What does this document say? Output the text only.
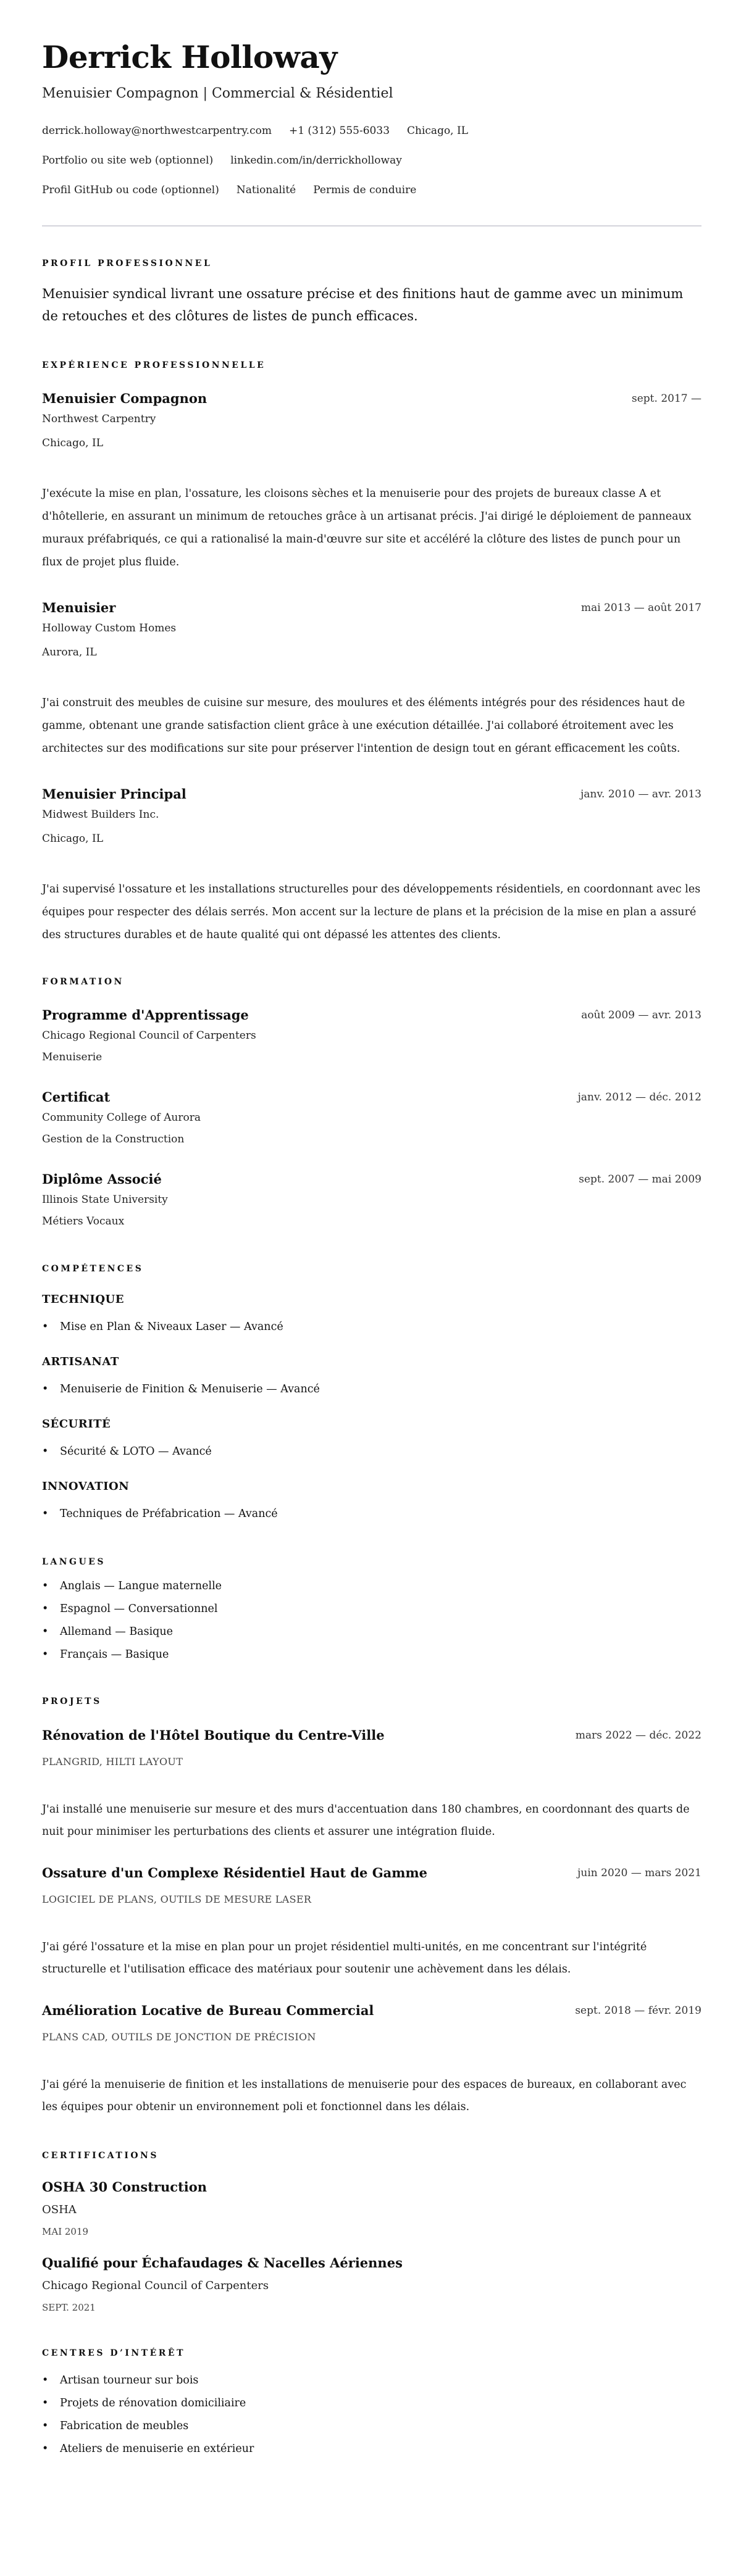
Derrick Holloway
Menuisier Compagnon | Commercial & Résidentiel
derrick.holloway@northwestcarpentry.com +1 (312) 555-6033 Chicago, IL
Portfolio ou site web (optionnel) linkedin.com/in/derrickholloway
Profil GitHub ou code (optionnel) Nationalité Permis de conduire
PROFIL PROFESSIONNEL

Menuisier syndical livrant une ossature précise et des finitions haut de gamme avec un minimum de retouches et des clôtures de listes de punch efficaces.

EXPÉRIENCE PROFESSIONNELLE
Menuisier Compagnon	sept. 2017 —
Northwest Carpentry
Chicago, IL
J'exécute la mise en plan, l'ossature, les cloisons sèches et la menuiserie pour des projets de bureaux classe A et d'hôtellerie, en assurant un minimum de retouches grâce à un artisanat précis. J'ai dirigé le déploiement de panneaux muraux préfabriqués, ce qui a rationalisé la main-d'œuvre sur site et accéléré la clôture des listes de punch pour un flux de projet plus fluide.
Menuisier	mai 2013 — août 2017
Holloway Custom Homes
Aurora, IL
J'ai construit des meubles de cuisine sur mesure, des moulures et des éléments intégrés pour des résidences haut de gamme, obtenant une grande satisfaction client grâce à une exécution détaillée. J'ai collaboré étroitement avec les architectes sur des modifications sur site pour préserver l'intention de design tout en gérant efficacement les coûts.
Menuisier Principal	janv. 2010 — avr. 2013
Midwest Builders Inc.
Chicago, IL
J'ai supervisé l'ossature et les installations structurelles pour des développements résidentiels, en coordonnant avec les équipes pour respecter des délais serrés. Mon accent sur la lecture de plans et la précision de la mise en plan a assuré des structures durables et de haute qualité qui ont dépassé les attentes des clients.
FORMATION
Programme d'Apprentissage	août 2009 — avr. 2013
Chicago Regional Council of Carpenters
Menuiserie
Certificat	janv. 2012 — déc. 2012
Community College of Aurora
Gestion de la Construction
Diplôme Associé	sept. 2007 — mai 2009
Illinois State University
Métiers Vocaux
COMPÉTENCES
TECHNIQUE
• Mise en Plan & Niveaux Laser — Avancé
ARTISANAT
• Menuiserie de Finition & Menuiserie — Avancé
SÉCURITÉ
• Sécurité & LOTO — Avancé
INNOVATION
• Techniques de Préfabrication — Avancé
LANGUES
• Anglais — Langue maternelle
• Espagnol — Conversationnel
• Allemand — Basique
• Français — Basique
PROJETS
Rénovation de l'Hôtel Boutique du Centre-Ville	mars 2022 — déc. 2022
PLANGRID, HILTI LAYOUT
J'ai installé une menuiserie sur mesure et des murs d'accentuation dans 180 chambres, en coordonnant des quarts de nuit pour minimiser les perturbations des clients et assurer une intégration fluide.
Ossature d'un Complexe Résidentiel Haut de Gamme	juin 2020 — mars 2021
LOGICIEL DE PLANS, OUTILS DE MESURE LASER
J'ai géré l'ossature et la mise en plan pour un projet résidentiel multi-unités, en me concentrant sur l'intégrité structurelle et l'utilisation efficace des matériaux pour soutenir une achèvement dans les délais.
Amélioration Locative de Bureau Commercial	sept. 2018 — févr. 2019
PLANS CAD, OUTILS DE JONCTION DE PRÉCISION
J'ai géré la menuiserie de finition et les installations de menuiserie pour des espaces de bureaux, en collaborant avec les équipes pour obtenir un environnement poli et fonctionnel dans les délais.
CERTIFICATIONS
OSHA 30 Construction
OSHA
MAI 2019
Qualifié pour Échafaudages & Nacelles Aériennes
Chicago Regional Council of Carpenters
SEPT. 2021
CENTRES D’INTÉRÊT
• Artisan tourneur sur bois
• Projets de rénovation domiciliaire
• Fabrication de meubles
• Ateliers de menuiserie en extérieur
